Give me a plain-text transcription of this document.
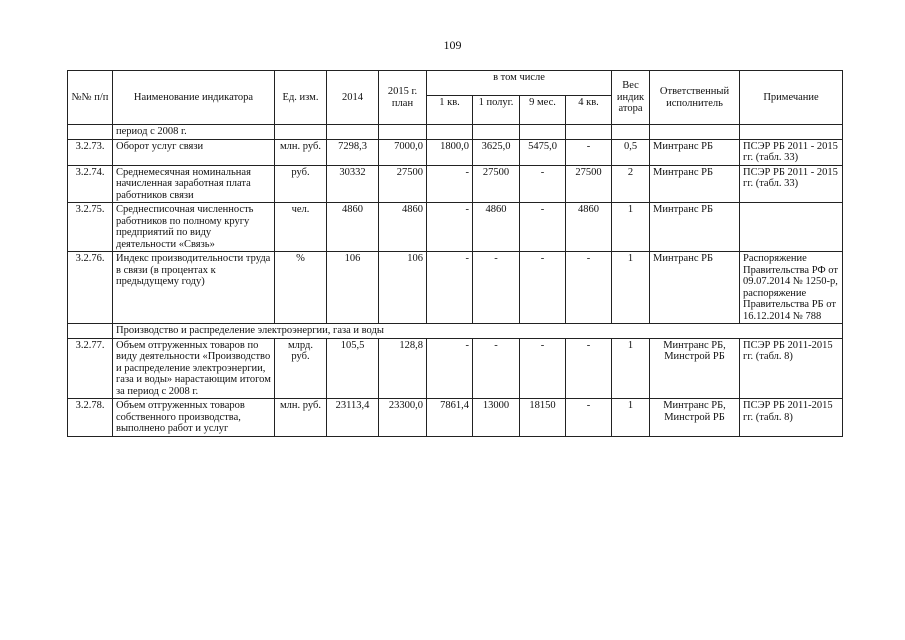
109
№№ п/п	Наименование индикатора	Ед. изм.	2014	2015 г. план	в том числе				Вес индик атора	Ответственный исполнитель	Примечание
					1 кв.	1 полуг.	9 мес.	4 кв.			
	период с 2008 г.										
3.2.73.	Оборот услуг связи	млн. руб.	7298,3	7000,0	1800,0	3625,0	5475,0	-	0,5	Минтранс РБ	ПСЭР РБ 2011 - 2015 гг. (табл. 33)
3.2.74.	Среднемесячная номинальная начисленная заработная плата работников связи	руб.	30332	27500	-	27500	-	27500	2	Минтранс РБ	ПСЭР РБ 2011 - 2015 гг. (табл. 33)
3.2.75.	Среднесписочная численность работников по полному кругу предприятий по виду деятельности «Связь»	чел.	4860	4860	-	4860	-	4860	1	Минтранс РБ	
3.2.76.	Индекс производительности труда в связи (в процентах к предыдущему году)	%	106	106	-	-	-	-	1	Минтранс РБ	Распоряжение Правительства РФ от 09.07.2014 № 1250-р, распоряжение Правительства РБ от 16.12.2014 № 788
	Производство и распределение электроэнергии, газа и воды										
3.2.77.	Объем отгруженных товаров по виду деятельности «Производство и распределение электроэнергии, газа и воды» нарастающим итогом за период с 2008 г.	млрд. руб.	105,5	128,8	-	-	-	-	1	Минтранс РБ, Минстрой РБ	ПСЭР РБ 2011-2015 гг. (табл. 8)
3.2.78.	Объем отгруженных товаров собственного производства, выполнено работ и услуг	млн. руб.	23113,4	23300,0	7861,4	13000	18150	-	1	Минтранс РБ, Минстрой РБ	ПСЭР РБ 2011-2015 гг. (табл. 8)
